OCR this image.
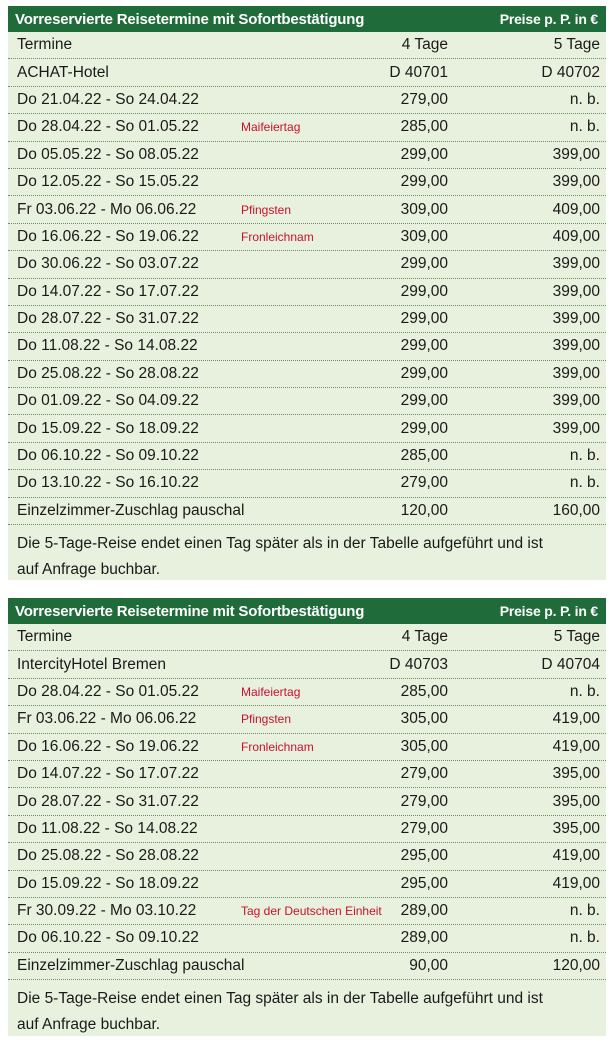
Vorreservierte Reisetermine mit Sofortbestätigung	Preise p. P. in €
Termine	4 Tage	5 Tage
ACHAT-Hotel	D 40701	D 40702
Do 21.04.22 - So 24.04.22	279,00	n. b.
Do 28.04.22 - So 01.05.22	Maifeiertag	285,00	n. b.
Do 05.05.22 - So 08.05.22	299,00	399,00
Do 12.05.22 - So 15.05.22	299,00	399,00
Fr 03.06.22 - Mo 06.06.22	Pfingsten	309,00	409,00
Do 16.06.22 - So 19.06.22	Fronleichnam	309,00	409,00
Do 30.06.22 - So 03.07.22	299,00	399,00
Do 14.07.22 - So 17.07.22	299,00	399,00
Do 28.07.22 - So 31.07.22	299,00	399,00
Do 11.08.22 - So 14.08.22	299,00	399,00
Do 25.08.22 - So 28.08.22	299,00	399,00
Do 01.09.22 - So 04.09.22	299,00	399,00
Do 15.09.22 - So 18.09.22	299,00	399,00
Do 06.10.22 - So 09.10.22	285,00	n. b.
Do 13.10.22 - So 16.10.22	279,00	n. b.
Einzelzimmer-Zuschlag pauschal	120,00	160,00
Die 5-Tage-Reise endet einen Tag später als in der Tabelle aufgeführt und ist
auf Anfrage buchbar.
Vorreservierte Reisetermine mit Sofortbestätigung	Preise p. P. in €
Termine	4 Tage	5 Tage
IntercityHotel Bremen	D 40703	D 40704
Do 28.04.22 - So 01.05.22	Maifeiertag	285,00	n. b.
Fr 03.06.22 - Mo 06.06.22	Pfingsten	305,00	419,00
Do 16.06.22 - So 19.06.22	Fronleichnam	305,00	419,00
Do 14.07.22 - So 17.07.22	279,00	395,00
Do 28.07.22 - So 31.07.22	279,00	395,00
Do 11.08.22 - So 14.08.22	279,00	395,00
Do 25.08.22 - So 28.08.22	295,00	419,00
Do 15.09.22 - So 18.09.22	295,00	419,00
Fr 30.09.22 - Mo 03.10.22	Tag der Deutschen Einheit 289,00	n. b.
Do 06.10.22 - So 09.10.22	289,00	n. b.
Einzelzimmer-Zuschlag pauschal	90,00	120,00
Die 5-Tage-Reise endet einen Tag später als in der Tabelle aufgeführt und ist
auf Anfrage buchbar.
